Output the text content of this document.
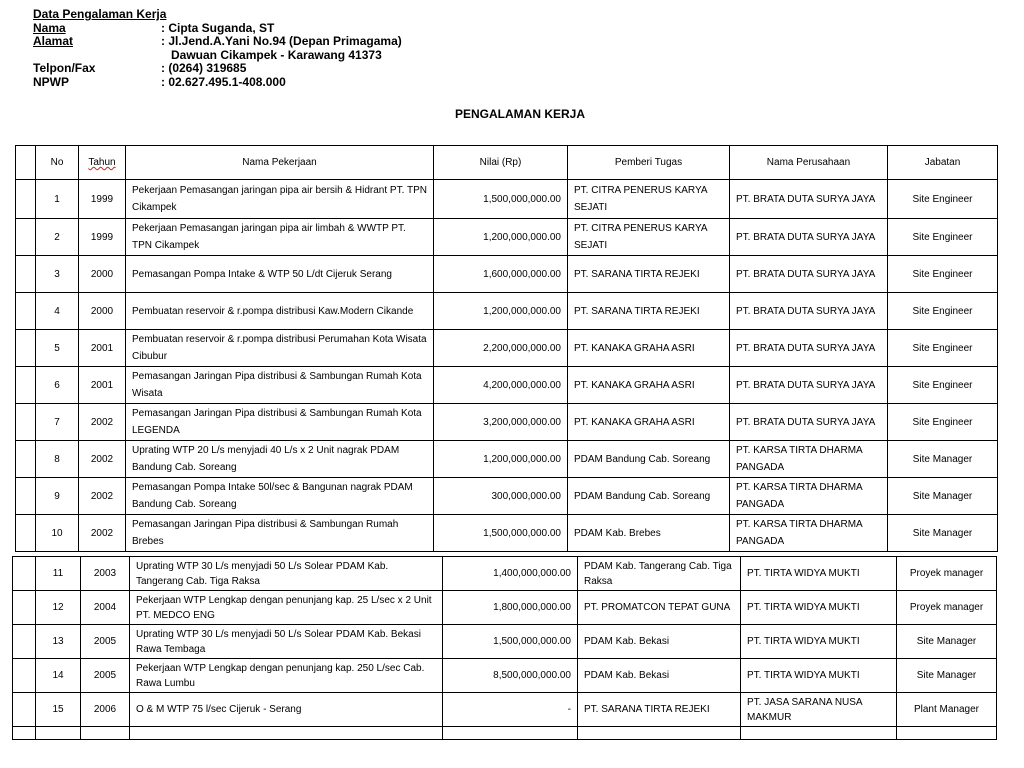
Data Pengalaman Kerja
Nama	: Cipta Suganda, ST
Alamat	: Jl.Jend.A.Yani No.94 (Depan Primagama)
Dawuan Cikampek - Karawang 41373
Telpon/Fax	: (0264) 319685
NPWP	: 02.627.495.1-408.000
PENGALAMAN KERJA
	No	Tahun	Nama Pekerjaan	Nilai (Rp)	Pemberi Tugas	Nama Perusahaan	Jabatan
	1	1999	Pekerjaan Pemasangan jaringan pipa air bersih & Hidrant PT. TPN Cikampek	1,500,000,000.00	PT. CITRA PENERUS KARYA SEJATI	PT. BRATA DUTA SURYA JAYA	Site Engineer
	2	1999	Pekerjaan Pemasangan jaringan pipa air limbah & WWTP PT. TPN Cikampek	1,200,000,000.00	PT. CITRA PENERUS KARYA SEJATI	PT. BRATA DUTA SURYA JAYA	Site Engineer
	3	2000	Pemasangan Pompa Intake & WTP 50 L/dt Cijeruk Serang	1,600,000,000.00	PT. SARANA TIRTA REJEKI	PT. BRATA DUTA SURYA JAYA	Site Engineer
	4	2000	Pembuatan reservoir & r.pompa distribusi Kaw.Modern Cikande	1,200,000,000.00	PT. SARANA TIRTA REJEKI	PT. BRATA DUTA SURYA JAYA	Site Engineer
	5	2001	Pembuatan reservoir & r.pompa distribusi Perumahan Kota Wisata Cibubur	2,200,000,000.00	PT. KANAKA GRAHA ASRI	PT. BRATA DUTA SURYA JAYA	Site Engineer
	6	2001	Pemasangan Jaringan Pipa distribusi & Sambungan Rumah Kota Wisata	4,200,000,000.00	PT. KANAKA GRAHA ASRI	PT. BRATA DUTA SURYA JAYA	Site Engineer
	7	2002	Pemasangan Jaringan Pipa distribusi & Sambungan Rumah Kota LEGENDA	3,200,000,000.00	PT. KANAKA GRAHA ASRI	PT. BRATA DUTA SURYA JAYA	Site Engineer
	8	2002	Uprating WTP 20 L/s menyjadi 40 L/s x 2 Unit nagrak PDAM Bandung Cab. Soreang	1,200,000,000.00	PDAM Bandung Cab. Soreang	PT. KARSA TIRTA DHARMA PANGADA	Site Manager
	9	2002	Pemasangan Pompa Intake 50l/sec & Bangunan nagrak PDAM Bandung Cab. Soreang	300,000,000.00	PDAM Bandung Cab. Soreang	PT. KARSA TIRTA DHARMA PANGADA	Site Manager
	10	2002	Pemasangan Jaringan Pipa distribusi & Sambungan Rumah Brebes	1,500,000,000.00	PDAM Kab. Brebes	PT. KARSA TIRTA DHARMA PANGADA	Site Manager
	11	2003	Uprating WTP 30 L/s menyjadi 50 L/s Solear PDAM Kab. Tangerang Cab. Tiga Raksa	1,400,000,000.00	PDAM Kab. Tangerang Cab. Tiga Raksa	PT. TIRTA WIDYA MUKTI	Proyek manager
	12	2004	Pekerjaan WTP Lengkap dengan penunjang kap. 25 L/sec x 2 Unit PT. MEDCO ENG	1,800,000,000.00	PT. PROMATCON TEPAT GUNA	PT. TIRTA WIDYA MUKTI	Proyek manager
	13	2005	Uprating WTP 30 L/s menyjadi 50 L/s Solear PDAM Kab. Bekasi Rawa Tembaga	1,500,000,000.00	PDAM Kab. Bekasi	PT. TIRTA WIDYA MUKTI	Site Manager
	14	2005	Pekerjaan WTP Lengkap dengan penunjang kap. 250 L/sec Cab. Rawa Lumbu	8,500,000,000.00	PDAM Kab. Bekasi	PT. TIRTA WIDYA MUKTI	Site Manager
	15	2006	O & M WTP 75 l/sec Cijeruk - Serang	-	PT. SARANA TIRTA REJEKI	PT. JASA SARANA NUSA MAKMUR	Plant Manager
